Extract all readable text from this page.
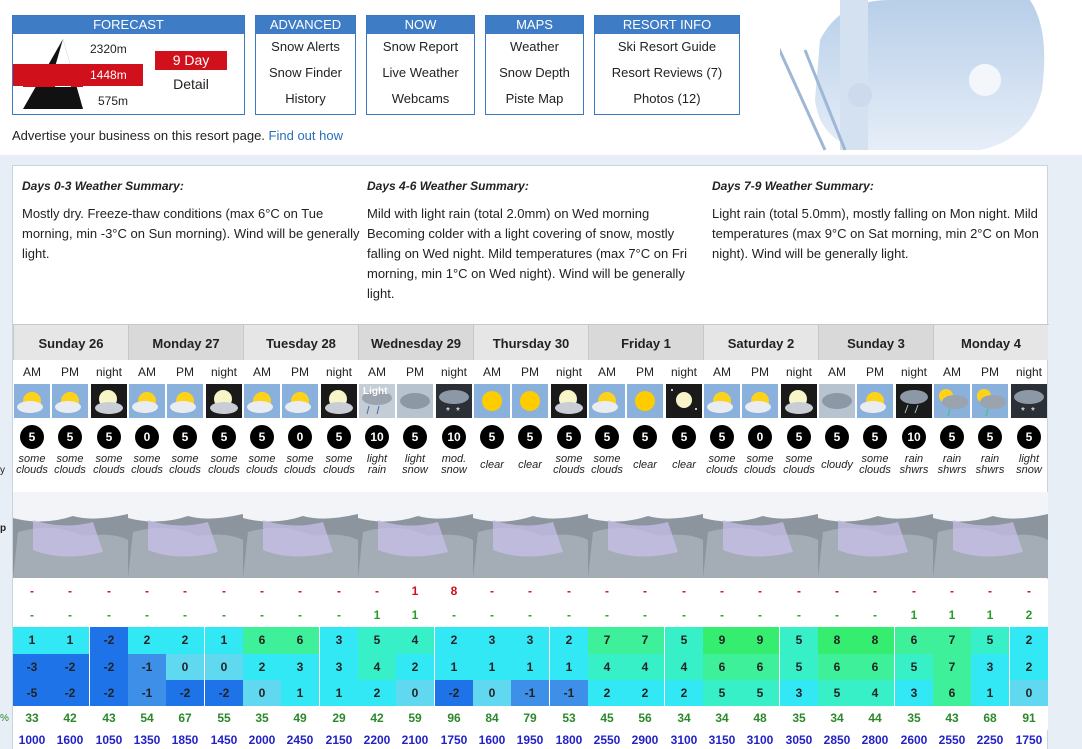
FORECAST
2320m
1448m
575m
9 Day
Detail
ADVANCED
Snow Alerts
Snow Finder
History
NOW
Snow Report
Live Weather
Webcams
MAPS
Weather
Snow Depth
Piste Map
RESORT INFO
Ski Resort Guide
Resort Reviews (7)
Photos (12)
Advertise your business on this resort page. Find out how
y
p
%
Days 0-3 Weather Summary:

Mostly dry. Freeze-thaw conditions (max 6°C on Tue morning, min -3°C on Sun morning). Wind will be generally light.

Days 4-6 Weather Summary:

Mild with light rain (total 2.0mm) on Wed morning Becoming colder with a light covering of snow, mostly falling on Wed night. Mild temperatures (max 7°C on Fri morning, min 1°C on Wed night). Wind will be generally light.

Days 7-9 Weather Summary:

Light rain (total 5.0mm), mostly falling on Mon night. Mild temperatures (max 9°C on Sat morning, min 2°C on Mon night). Wind will be generally light.

Sunday 26
AM
5
some clouds
-
-
1
-3
-5
33
1000
PM
5
some clouds
-
-
1
-2
-2
42
1600
night
5
some clouds
-
-
-2
-2
-2
43
1050
Monday 27
AM
0
some clouds
-
-
2
-1
-1
54
1350
PM
5
some clouds
-
-
2
0
-2
67
1850
night
5
some clouds
-
-
1
0
-2
55
1450
Tuesday 28
AM
5
some clouds
-
-
6
2
0
35
2000
PM
0
some clouds
-
-
6
3
1
49
2450
night
5
some clouds
-
-
3
3
1
29
2150
Wednesday 29
AM
Light
10
light rain
-
1
5
4
2
42
2200
PM
5
light snow
1
1
4
2
0
59
2100
night
* *
10
mod. snow
8
-
2
1
-2
96
1750
Thursday 30
AM
5
clear
-
-
3
1
0
84
1600
PM
5
clear
-
-
3
1
-1
79
1950
night
5
some clouds
-
-
2
1
-1
53
1800
Friday 1
AM
5
some clouds
-
-
7
4
2
45
2550
PM
5
clear
-
-
7
4
2
56
2900
night
5
clear
-
-
5
4
2
34
3100
Saturday 2
AM
5
some clouds
-
-
9
6
5
34
3150
PM
0
some clouds
-
-
9
6
5
48
3100
night
5
some clouds
-
-
5
5
3
35
3050
Sunday 3
AM
5
cloudy
-
-
8
6
5
34
2850
PM
5
some clouds
-
-
8
6
4
44
2800
night
10
rain shwrs
-
1
6
5
3
35
2600
Monday 4
AM
5
rain shwrs
-
1
7
7
6
43
2550
PM
5
rain shwrs
-
1
5
3
1
68
2250
night
* *
5
light snow
-
2
2
2
0
91
1750
